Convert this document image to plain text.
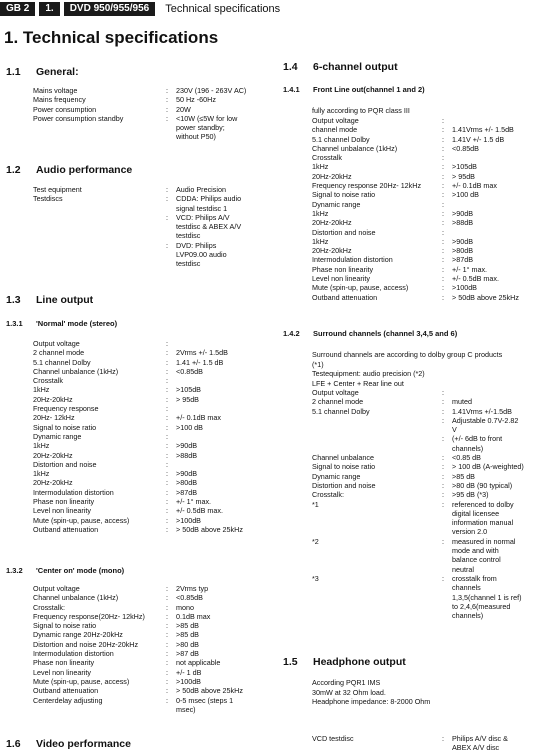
GB 2	1.	DVD 950/955/956	Technical specifications
1. Technical specifications
1.1	General:
Mains voltage	:	230V (196 - 263V AC)
Mains frequency	:	50 Hz -60Hz
Power consumption	:	20W
Power consumption standby	:	<10W (≤5W for low
power standby;
without P50)
1.2	Audio performance
Test equipment	:	Audio Precision
Testdiscs	:	CDDA: Philips audio
signal testdisc 1
:	VCD: Philips A/V
testdisc & ABEX A/V
testdisc
:	DVD: Philips
LVP09.00 audio
testdisc
1.3	Line output
1.3.1	'Normal' mode (stereo)
Output voltage	:
2 channel mode	:	2Vrms +/- 1.5dB
5.1 channel Dolby	:	1.41 +/- 1.5 dB
Channel unbalance (1kHz)	:	<0.85dB
Crosstalk	:
1kHz	:	>105dB
20Hz-20kHz	:	> 95dB
Frequency response	:
20Hz- 12kHz	:	+/- 0.1dB max
Signal to noise ratio	:	>100 dB
Dynamic range	:
1kHz	:	>90dB
20Hz-20kHz	:	>88dB
Distortion and noise	:
1kHz	:	>90dB
20Hz-20kHz	:	>80dB
Intermodulation distortion	:	>87dB
Phase non linearity	:	+/- 1° max.
Level non linearity	:	+/- 0.5dB max.
Mute (spin-up, pause, access)	:	>100dB
Outband attenuation	:	> 50dB above 25kHz
1.3.2	'Center on' mode (mono)
Output voltage	:	2Vrms typ
Channel unbalance (1kHz)	:	<0.85dB
Crosstalk:	:	mono
Frequency response(20Hz- 12kHz)	:	0.1dB max
Signal to noise ratio	:	>85 dB
Dynamic range 20Hz-20kHz	:	>85 dB
Distortion and noise 20Hz-20kHz	:	>80 dB
Intermodulation distortion	:	>87 dB
Phase non linearity	:	not applicable
Level non linearity	:	+/- 1 dB
Mute (spin-up, pause, access)	:	>100dB
Outband attenuation	:	> 50dB above 25kHz
Centerdelay adjusting	:	0-5 msec (steps 1
msec)
1.6	Video performance
1.4	6-channel output
1.4.1	Front Line out(channel 1 and 2)
fully according to PQR class III
Output voltage	:
channel mode	:	1.41Vrms +/- 1.5dB
5.1 channel Dolby	:	1.41V +/- 1.5 dB
Channel unbalance (1kHz)	:	<0.85dB
Crosstalk	:
1kHz	:	>105dB
20Hz-20kHz	:	> 95dB
Frequency response 20Hz- 12kHz	:	+/- 0.1dB max
Signal to noise ratio	:	>100 dB
Dynamic range	:
1kHz	:	>90dB
20Hz-20kHz	:	>88dB
Distortion and noise	:
1kHz	:	>90dB
20Hz-20kHz	:	>80dB
Intermodulation distortion	:	>87dB
Phase non linearity	:	+/- 1° max.
Level non linearity	:	+/- 0.5dB max.
Mute (spin-up, pause, access)	:	>100dB
Outband attenuation	:	> 50dB above 25kHz
1.4.2	Surround channels (channel 3,4,5 and 6)
Surround channels are according to dolby group C products
(*1)
Testequipment: audio precision (*2)
LFE + Center + Rear line out
Output voltage	:
2 channel mode	:	muted
5.1 channel Dolby	:	1.41Vrms +/-1.5dB
:	Adjustable 0.7V-2.82
V
:	(+/- 6dB to front
channels)
Channel unbalance	:	<0.85 dB
Signal to noise ratio	:	> 100 dB (A-weighted)
Dynamic range	:	>85 dB
Distortion and noise	:	>80 dB (90 typical)
Crosstalk:	:	>95 dB (*3)
*1	:	referenced to dolby
digital licensee
information manual
version 2.0
*2	:	measured in normal
mode and with
balance control
neutral
*3	:	crosstalk from
channels
1,3,5(channel 1 is ref)
to 2,4,6(measured
channels)
1.5	Headphone output
According PQR1 IMS
30mW at 32 Ohm load.
Headphone impedance: 8-2000 Ohm
VCD testdisc	:	Philips A/V disc &
ABEX A/V disc
